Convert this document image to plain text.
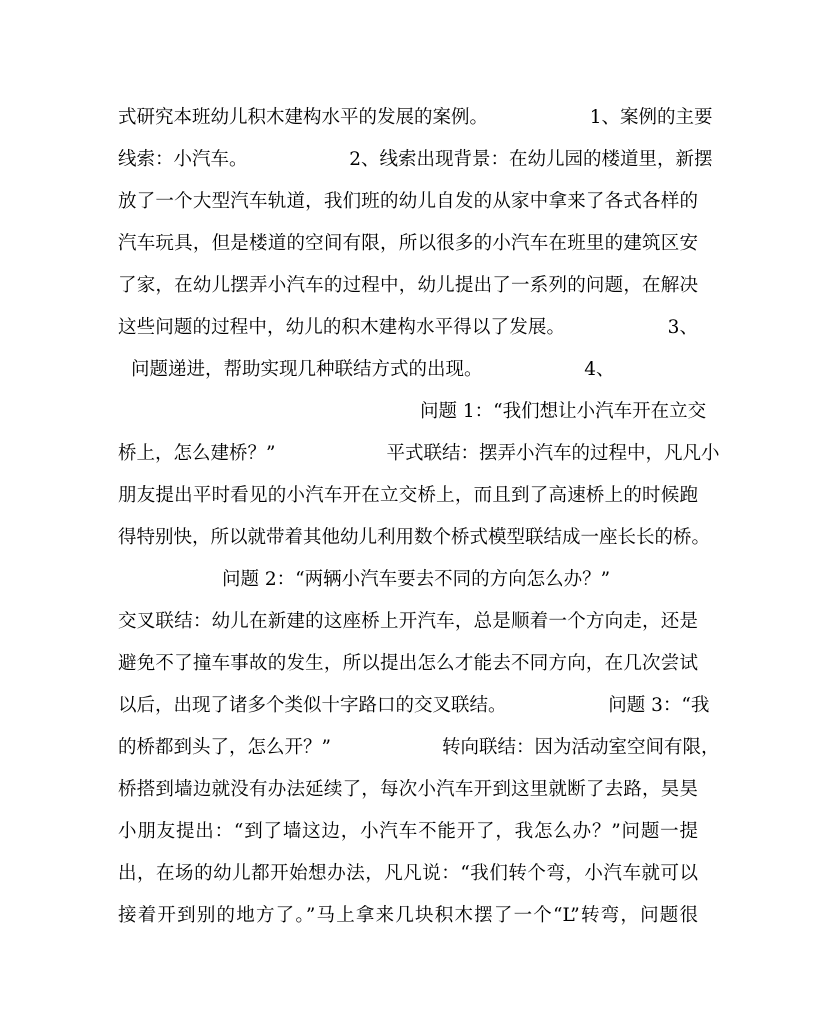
式研究本班幼儿积木建构水平的发展的案例。　　　　　　1、案例的主要
线索：小汽车。　　　　　　2、线索出现背景：在幼儿园的楼道里，新摆
放了一个大型汽车轨道，我们班的幼儿自发的从家中拿来了各式各样的
汽车玩具，但是楼道的空间有限，所以很多的小汽车在班里的建筑区安
了家，在幼儿摆弄小汽车的过程中，幼儿提出了一系列的问题，在解决
这些问题的过程中，幼儿的积木建构水平得以了发展。　　　　　　3、
问题递进，帮助实现几种联结方式的出现。　　　　　　4、
问题 1：“我们想让小汽车开在立交
桥上，怎么建桥？”　　　　　　平式联结：摆弄小汽车的过程中，凡凡小
朋友提出平时看见的小汽车开在立交桥上，而且到了高速桥上的时候跑
得特别快，所以就带着其他幼儿利用数个桥式模型联结成一座长长的桥。
问题 2：“两辆小汽车要去不同的方向怎么办？”
交叉联结：幼儿在新建的这座桥上开汽车，总是顺着一个方向走，还是
避免不了撞车事故的发生，所以提出怎么才能去不同方向，在几次尝试
以后，出现了诸多个类似十字路口的交叉联结。　　　　　　问题 3：“我
的桥都到头了，怎么开？”　　　　　　转向联结：因为活动室空间有限，
桥搭到墙边就没有办法延续了，每次小汽车开到这里就断了去路，昊昊
小朋友提出：“到了墙这边，小汽车不能开了，我怎么办？”问题一提
出，在场的幼儿都开始想办法，凡凡说：“我们转个弯，小汽车就可以
接着开到别的地方了。”马上拿来几块积木摆了一个“L”转弯，问题很
